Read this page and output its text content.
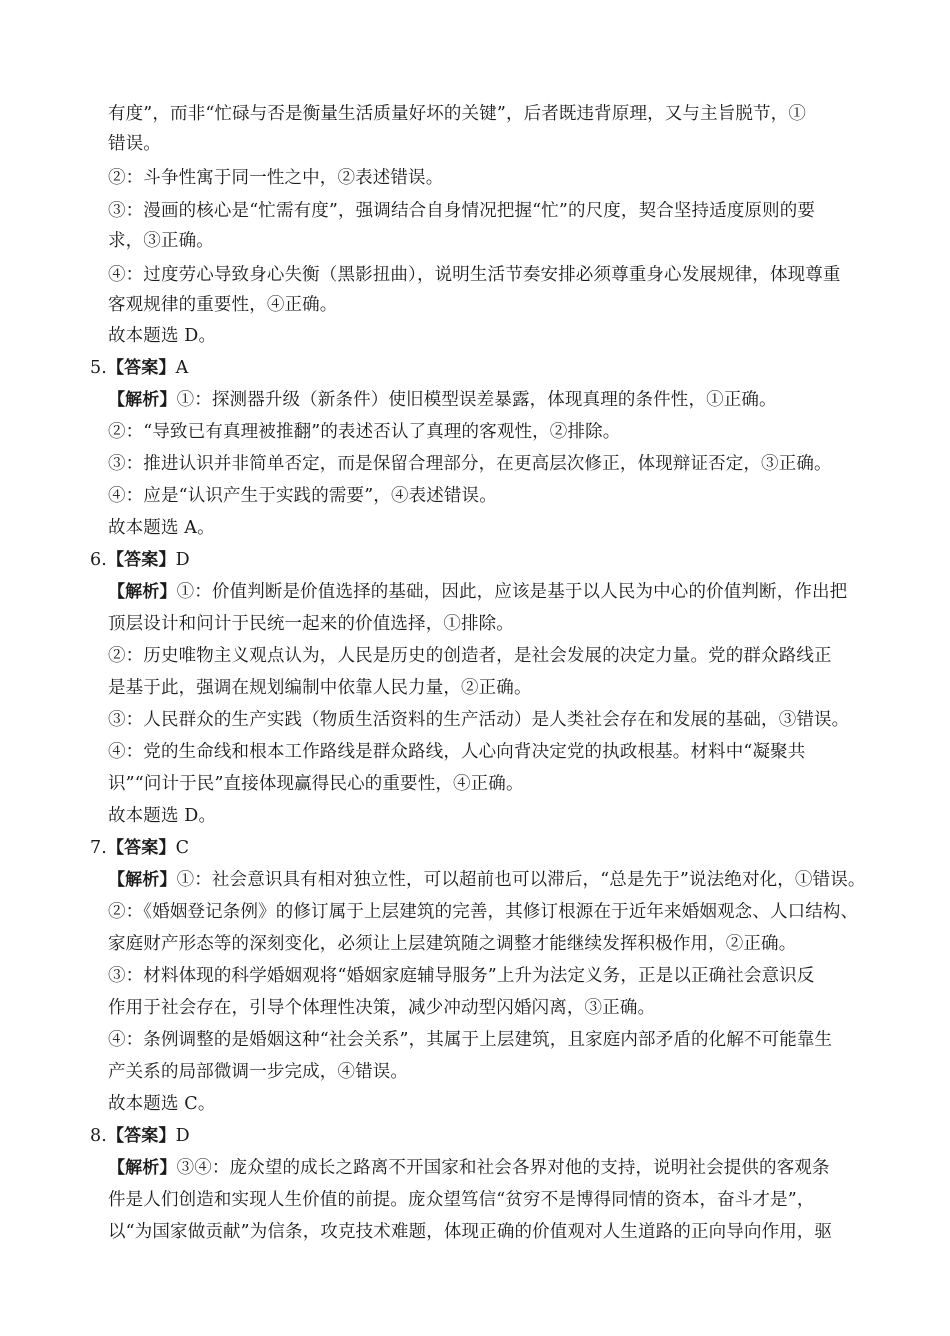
有度”，而非“忙碌与否是衡量生活质量好坏的关键”，后者既违背原理，又与主旨脱节，①
错误。
②：斗争性寓于同一性之中，②表述错误。
③：漫画的核心是“忙需有度”，强调结合自身情况把握“忙”的尺度，契合坚持适度原则的要
求，③正确。
④：过度劳心导致身心失衡（黑影扭曲），说明生活节奏安排必须尊重身心发展规律，体现尊重
客观规律的重要性，④正确。
故本题选 D。
5.【答案】A
【解析】①：探测器升级（新条件）使旧模型误差暴露，体现真理的条件性，①正确。
②：“导致已有真理被推翻”的表述否认了真理的客观性，②排除。
③：推进认识并非简单否定，而是保留合理部分，在更高层次修正，体现辩证否定，③正确。
④：应是“认识产生于实践的需要”，④表述错误。
故本题选 A。
6.【答案】D
【解析】①：价值判断是价值选择的基础，因此，应该是基于以人民为中心的价值判断，作出把
顶层设计和问计于民统一起来的价值选择，①排除。
②：历史唯物主义观点认为，人民是历史的创造者，是社会发展的决定力量。党的群众路线正
是基于此，强调在规划编制中依靠人民力量，②正确。
③：人民群众的生产实践（物质生活资料的生产活动）是人类社会存在和发展的基础，③错误。
④：党的生命线和根本工作路线是群众路线，人心向背决定党的执政根基。材料中“凝聚共
识”“问计于民”直接体现赢得民心的重要性，④正确。
故本题选 D。
7.【答案】C
【解析】①：社会意识具有相对独立性，可以超前也可以滞后，“总是先于”说法绝对化，①错误。
②：《婚姻登记条例》的修订属于上层建筑的完善，其修订根源在于近年来婚姻观念、人口结构、
家庭财产形态等的深刻变化，必须让上层建筑随之调整才能继续发挥积极作用，②正确。
③：材料体现的科学婚姻观将“婚姻家庭辅导服务”上升为法定义务，正是以正确社会意识反
作用于社会存在，引导个体理性决策，减少冲动型闪婚闪离，③正确。
④：条例调整的是婚姻这种“社会关系”，其属于上层建筑，且家庭内部矛盾的化解不可能靠生
产关系的局部微调一步完成，④错误。
故本题选 C。
8.【答案】D
【解析】③④：庞众望的成长之路离不开国家和社会各界对他的支持，说明社会提供的客观条
件是人们创造和实现人生价值的前提。庞众望笃信“贫穷不是博得同情的资本，奋斗才是”，
以“为国家做贡献”为信条，攻克技术难题，体现正确的价值观对人生道路的正向导向作用，驱
